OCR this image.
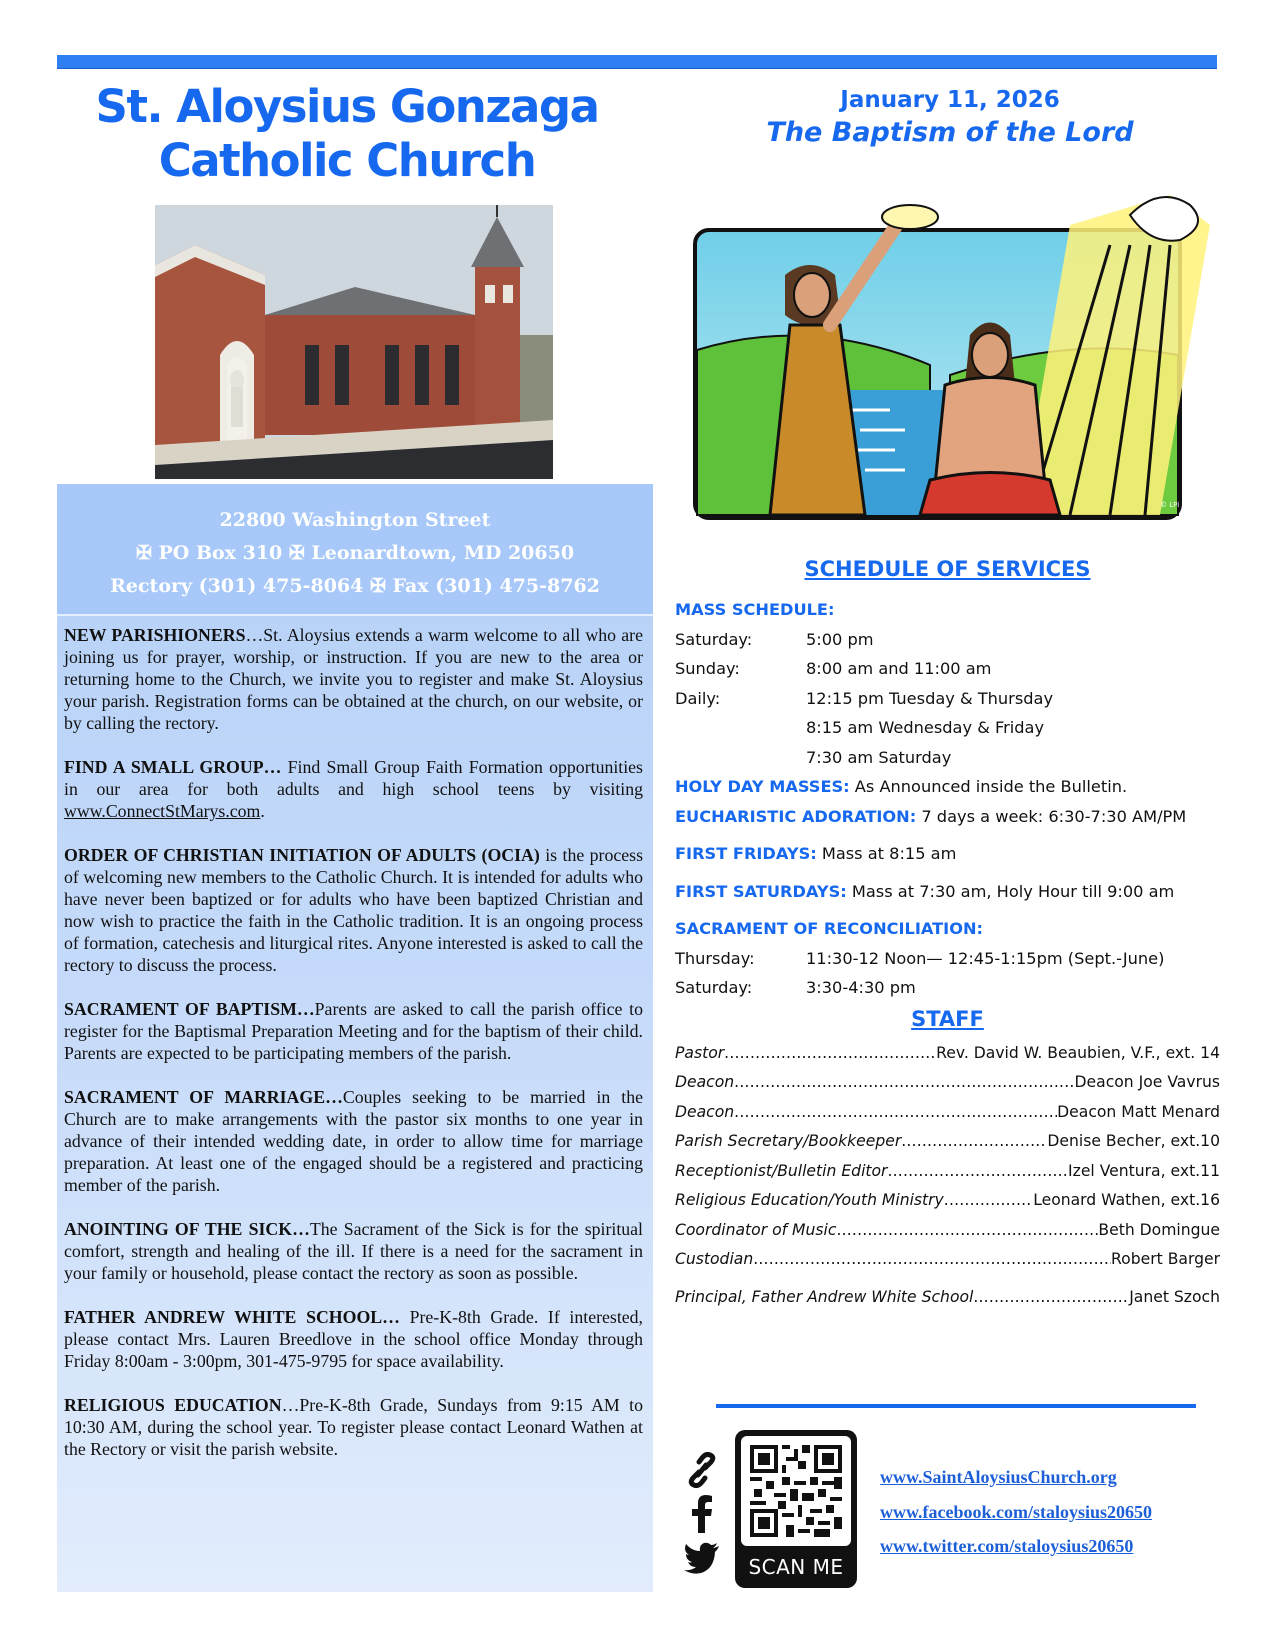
St. Aloysius Gonzaga
Catholic Church
22800 Washington Street
✠ PO Box 310 ✠ Leonardtown, MD 20650
Rectory (301) 475-8064 ✠ Fax (301) 475-8762

NEW PARISHIONERS…St. Aloysius extends a warm welcome to all who are joining us for prayer, worship, or instruction. If you are new to the area or returning home to the Church, we invite you to register and make St. Aloysius your parish. Registration forms can be obtained at the church, on our website, or by calling the rectory.

FIND A SMALL GROUP… Find Small Group Faith Formation opportunities in our area for both adults and high school teens by visiting www.ConnectStMarys.com.

ORDER OF CHRISTIAN INITIATION OF ADULTS (OCIA) is the process of welcoming new members to the Catholic Church. It is intended for adults who have never been baptized or for adults who have been baptized Christian and now wish to practice the faith in the Catholic tradition. It is an ongoing process of formation, catechesis and liturgical rites. Anyone interested is asked to call the rectory to discuss the process.

SACRAMENT OF BAPTISM…Parents are asked to call the parish office to register for the Baptismal Preparation Meeting and for the baptism of their child. Parents are expected to be participating members of the parish.

SACRAMENT OF MARRIAGE…Couples seeking to be married in the Church are to make arrangements with the pastor six months to one year in advance of their intended wedding date, in order to allow time for marriage preparation. At least one of the engaged should be a registered and practicing member of the parish.

ANOINTING OF THE SICK…The Sacrament of the Sick is for the spiritual comfort, strength and healing of the ill. If there is a need for the sacrament in your family or household, please contact the rectory as soon as possible.

FATHER ANDREW WHITE SCHOOL… Pre-K-8th Grade. If interested, please contact Mrs. Lauren Breedlove in the school office Monday through Friday 8:00am - 3:00pm, 301-475-9795 for space availability.

RELIGIOUS EDUCATION…Pre-K-8th Grade, Sundays from 9:15 AM to 10:30 AM, during the school year. To register please contact Leonard Wathen at the Rectory or visit the parish website.

January 11, 2026
The Baptism of the Lord
© LPi
SCHEDULE OF SERVICES
MASS SCHEDULE:
Saturday:	5:00 pm
Sunday:	8:00 am and 11:00 am
Daily:	12:15 pm Tuesday & Thursday
8:15 am Wednesday & Friday
7:30 am Saturday
HOLY DAY MASSES: As Announced inside the Bulletin.
EUCHARISTIC ADORATION: 7 days a week: 6:30-7:30 AM/PM
FIRST FRIDAYS: Mass at 8:15 am
FIRST SATURDAYS: Mass at 7:30 am, Holy Hour till 9:00 am
SACRAMENT OF RECONCILIATION:
Thursday:	11:30-12 Noon— 12:45-1:15pm (Sept.-June)
Saturday:	3:30-4:30 pm
STAFF
Pastor .....	Rev. David W. Beaubien, V.F., ext. 14
Deacon .....	Deacon Joe Vavrus
Deacon .....	Deacon Matt Menard
Parish Secretary/Bookkeeper .....	Denise Becher, ext.10
Receptionist/Bulletin Editor .....	Izel Ventura, ext.11
Religious Education/Youth Ministry .....	Leonard Wathen, ext.16
Coordinator of Music .....	Beth Domingue
Custodian .....	Robert Barger
Principal, Father Andrew White School .....	Janet Szoch
SCAN ME
www.SaintAloysiusChurch.org
www.facebook.com/staloysius20650
www.twitter.com/staloysius20650
